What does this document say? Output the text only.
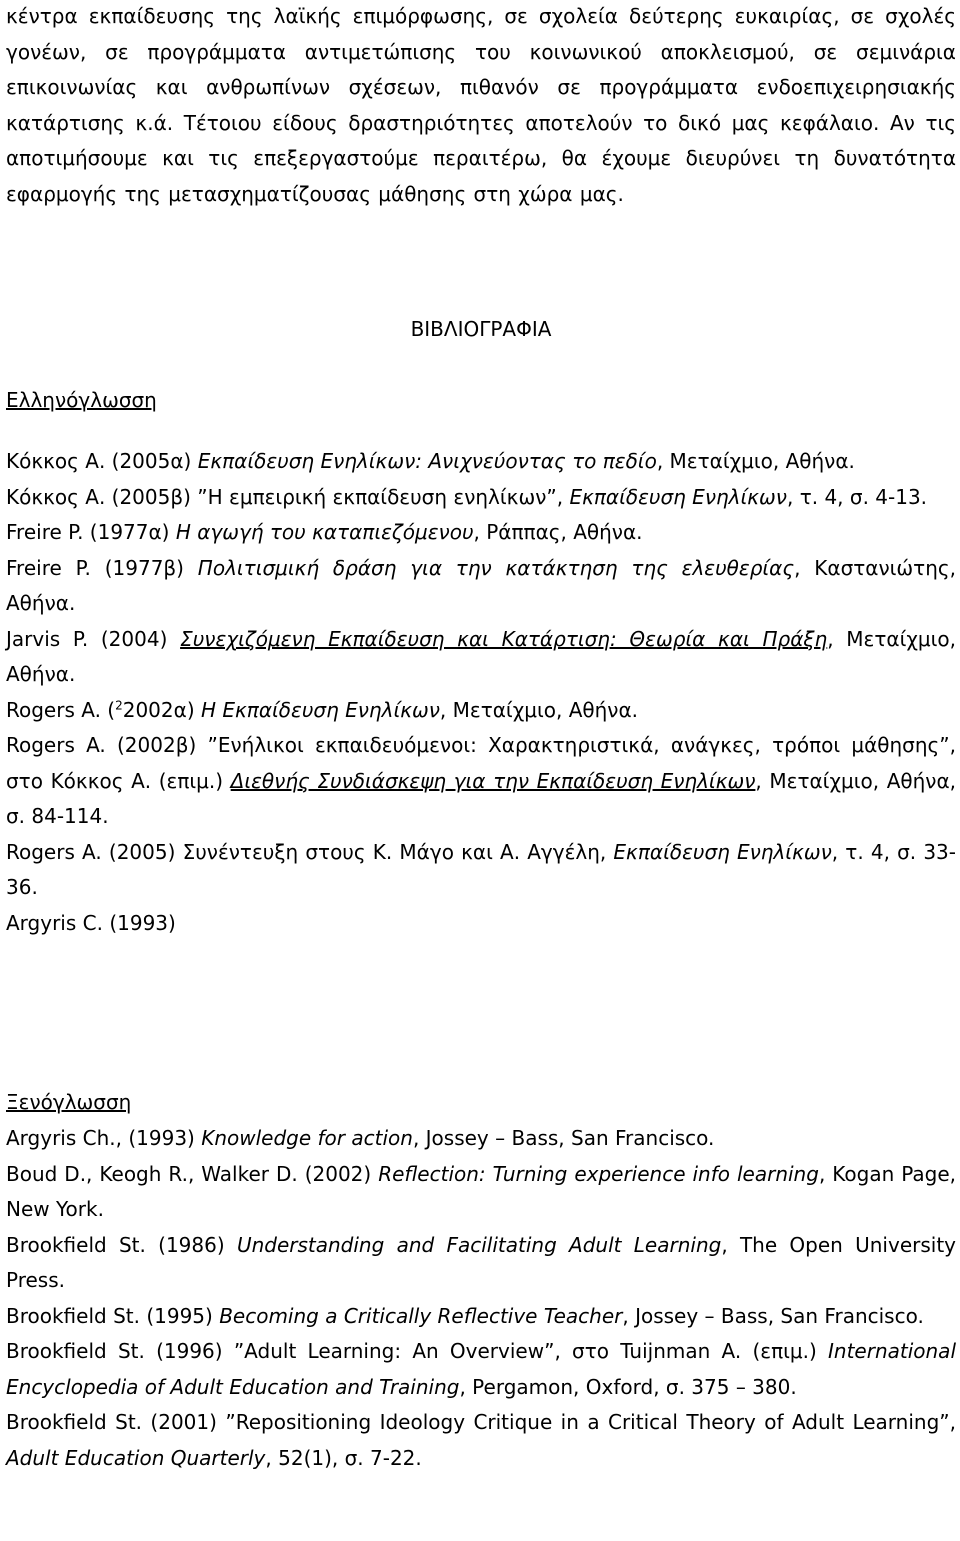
κέντρα εκπαίδευσης της λαϊκής επιμόρφωσης, σε σχολεία δεύτερης ευκαιρίας, σε σχολές γονέων, σε προγράμματα αντιμετώπισης του κοινωνικού αποκλεισμού, σε σεμινάρια επικοινωνίας και ανθρωπίνων σχέσεων, πιθανόν σε προγράμματα ενδοεπιχειρησιακής κατάρτισης κ.ά. Τέτοιου είδους δραστηριότητες αποτελούν το δικό μας κεφάλαιο. Αν τις αποτιμήσουμε και τις επεξεργαστούμε περαιτέρω, θα έχουμε διευρύνει τη δυνατότητα εφαρμογής της μετασχηματίζουσας μάθησης στη χώρα μας.

ΒΙΒΛΙΟΓΡΑΦΙΑ
Ελληνόγλωσση

Κόκκος Α. (2005α) Εκπαίδευση Ενηλίκων: Ανιχνεύοντας το πεδίο, Μεταίχμιο, Αθήνα.

Κόκκος Α. (2005β) ”Η εμπειρική εκπαίδευση ενηλίκων”, Εκπαίδευση Ενηλίκων, τ. 4, σ. 4-13.

Freire P. (1977α) Η αγωγή του καταπιεζόμενου, Ράππας, Αθήνα.

Freire P. (1977β) Πολιτισμική δράση για την κατάκτηση της ελευθερίας, Καστανιώτης, Αθήνα.

Jarvis P. (2004) Συνεχιζόμενη Εκπαίδευση και Κατάρτιση: Θεωρία και Πράξη, Μεταίχμιο, Αθήνα.

Rogers A. ($^2$2002α) Η Εκπαίδευση Ενηλίκων, Μεταίχμιο, Αθήνα.

Rogers A. (2002β) ”Ενήλικοι εκπαιδευόμενοι: Χαρακτηριστικά, ανάγκες, τρόποι μάθησης”, στο Κόκκος Α. (επιμ.) Διεθνής Συνδιάσκεψη για την Εκπαίδευση Ενηλίκων, Μεταίχμιο, Αθήνα, σ. 84-114.

Rogers A. (2005) Συνέντευξη στους Κ. Μάγο και Α. Αγγέλη, Εκπαίδευση Ενηλίκων, τ. 4, σ. 33-36.

Argyris C. (1993)

Ξενόγλωσση

Argyris Ch., (1993) Knowledge for action, Jossey – Bass, San Francisco.

Boud D., Keogh R., Walker D. (2002) Reflection: Turning experience info learning, Kogan Page, New York.

Brookfield St. (1986) Understanding and Facilitating Adult Learning, The Open University Press.

Brookfield St. (1995) Becoming a Critically Reflective Teacher, Jossey – Bass, San Francisco.

Brookfield St. (1996) ”Adult Learning: An Overview”, στο Tuijnman A. (επιμ.) International Encyclopedia of Adult Education and Training, Pergamon, Oxford, σ. 375 – 380.

Brookfield St. (2001) ”Repositioning Ideology Critique in a Critical Theory of Adult Learning”, Adult Education Quarterly, 52(1), σ. 7-22.
